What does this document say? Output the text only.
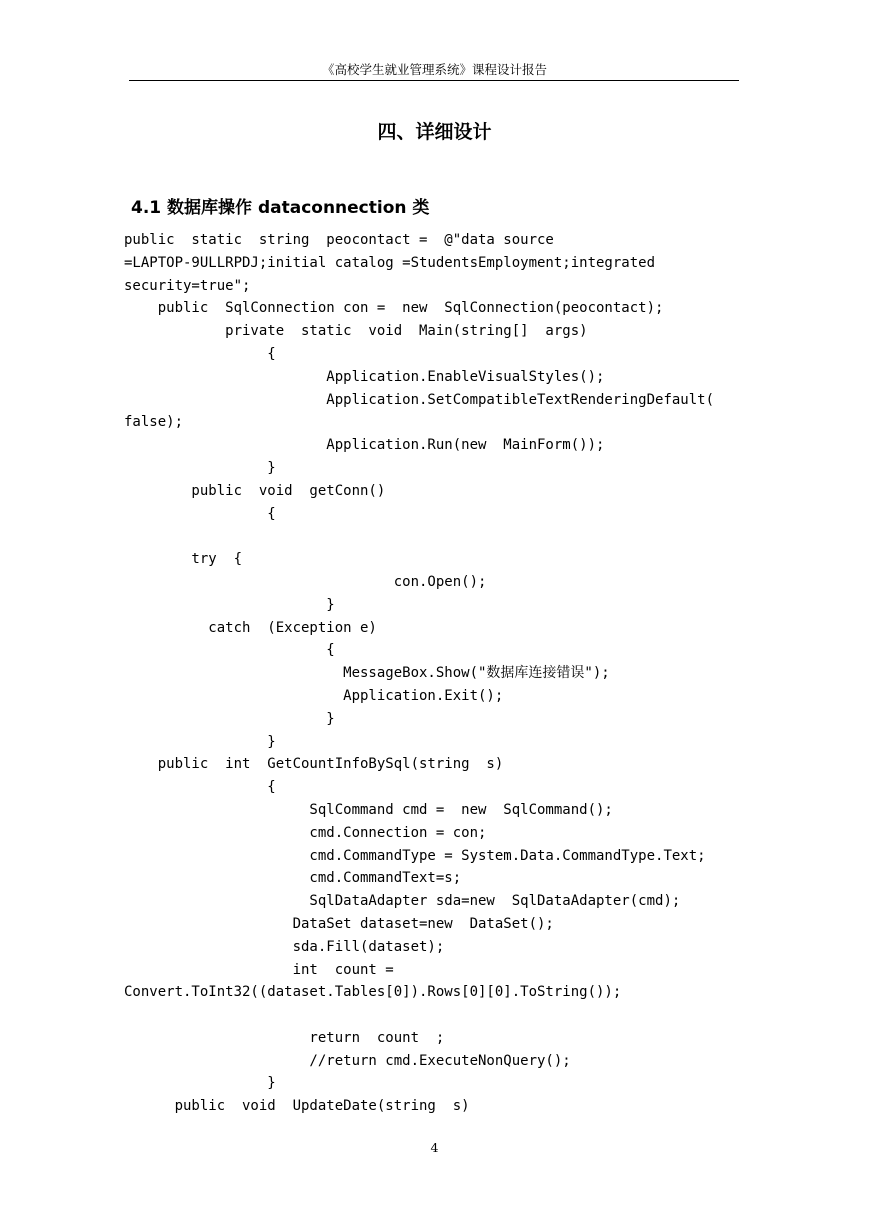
《高校学生就业管理系统》课程设计报告
四、详细设计
4.1 数据库操作 dataconnection 类
public  static  string  peocontact =  @"data source
=LAPTOP-9ULLRPDJ;initial catalog =StudentsEmployment;integrated
security=true";
public  SqlConnection con =  new  SqlConnection(peocontact);
private  static  void  Main(string[]  args)
{
Application.EnableVisualStyles();
Application.SetCompatibleTextRenderingDefault(
false);
Application.Run(new  MainForm());
}
public  void  getConn()
{
try  {
con.Open();
}
catch  (Exception e)
{
MessageBox.Show("数据库连接错误");
Application.Exit();
}
}
public  int  GetCountInfoBySql(string  s)
{
SqlCommand cmd =  new  SqlCommand();
cmd.Connection = con;
cmd.CommandType = System.Data.CommandType.Text;
cmd.CommandText=s;
SqlDataAdapter sda=new  SqlDataAdapter(cmd);
DataSet dataset=new  DataSet();
sda.Fill(dataset);
int  count =
Convert.ToInt32((dataset.Tables[0]).Rows[0][0].ToString());
return  count  ;
//return cmd.ExecuteNonQuery();
}
public  void  UpdateDate(string  s)
4
